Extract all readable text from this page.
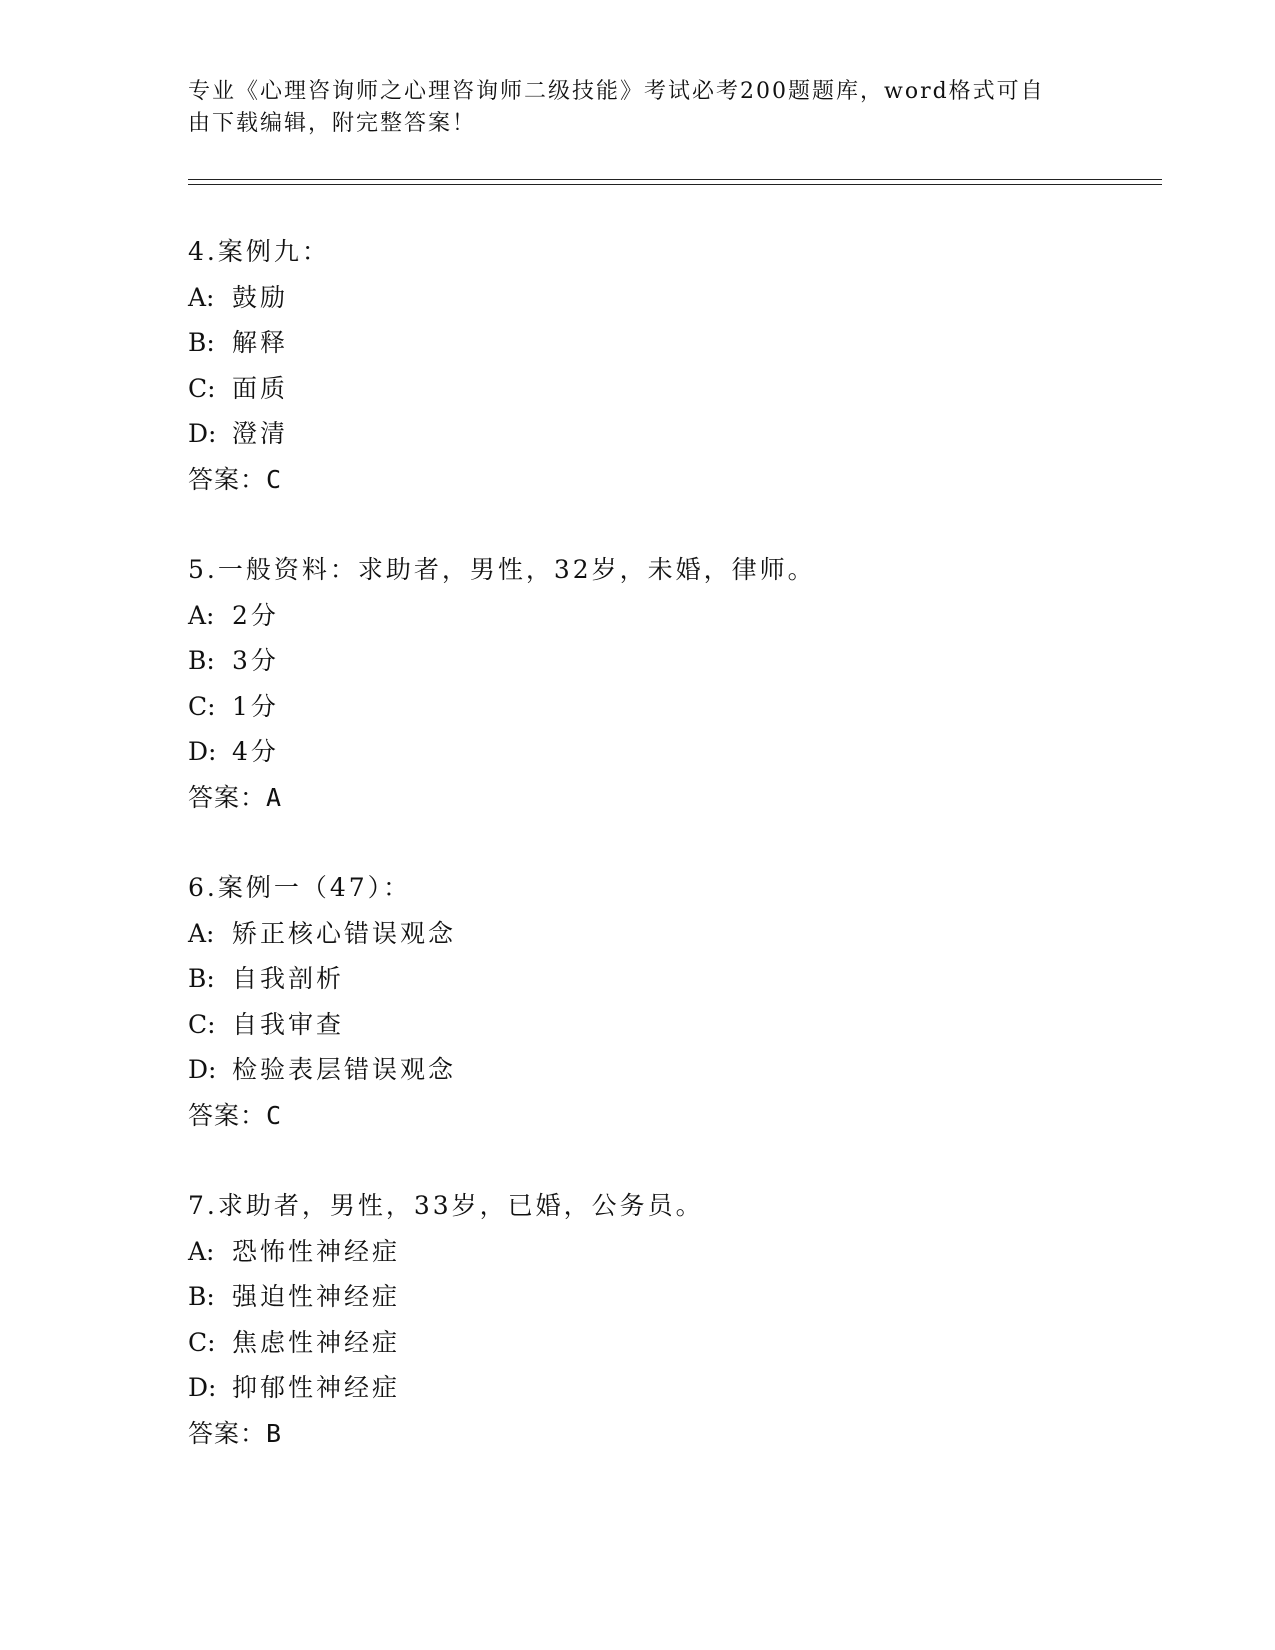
专业《心理咨询师之心理咨询师二级技能》考试必考200题题库，word格式可自
由下载编辑，附完整答案！
4.案例九：
A: 鼓励
B: 解释
C: 面质
D: 澄清
答案：C
5.一般资料：求助者，男性，32岁，未婚，律师。
A: 2分
B: 3分
C: 1分
D: 4分
答案：A
6.案例一（47）：
A: 矫正核心错误观念
B: 自我剖析
C: 自我审查
D: 检验表层错误观念
答案：C
7.求助者，男性，33岁，已婚，公务员。
A: 恐怖性神经症
B: 强迫性神经症
C: 焦虑性神经症
D: 抑郁性神经症
答案：B
